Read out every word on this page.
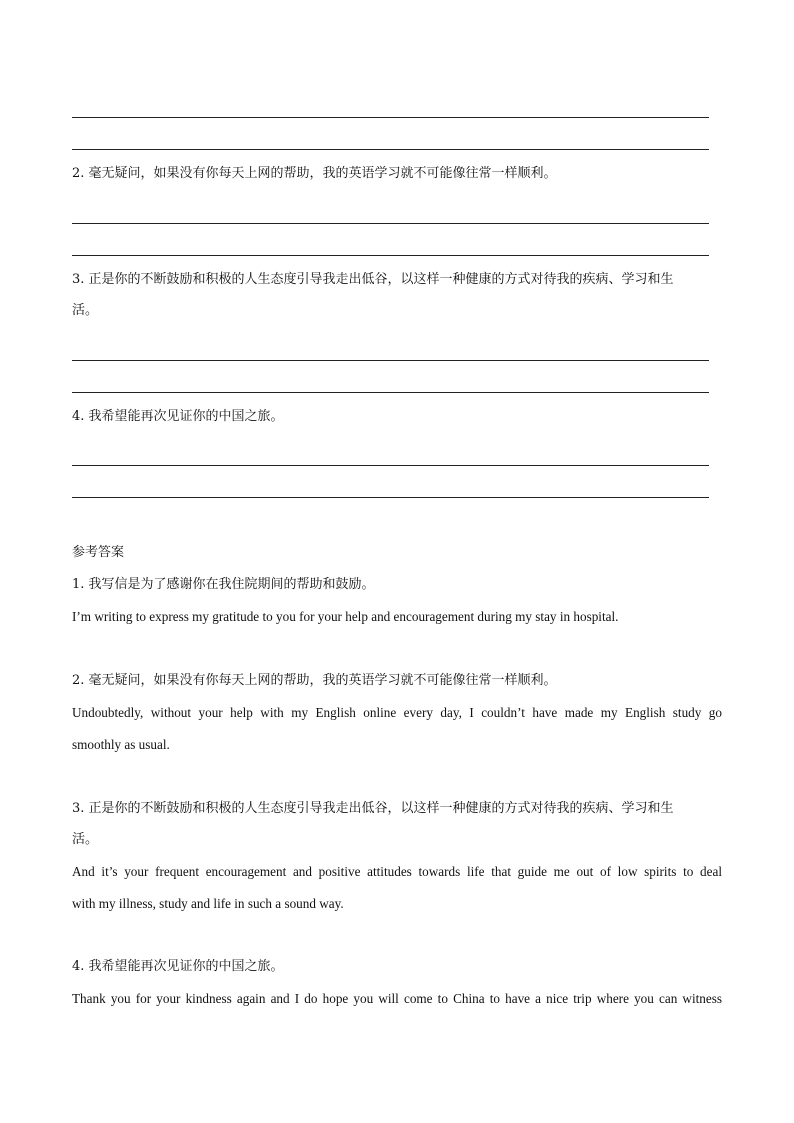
2. 毫无疑问，如果没有你每天上网的帮助，我的英语学习就不可能像往常一样顺利。
3. 正是你的不断鼓励和积极的人生态度引导我走出低谷，以这样一种健康的方式对待我的疾病、学习和生
活。
4. 我希望能再次见证你的中国之旅。
参考答案
1. 我写信是为了感谢你在我住院期间的帮助和鼓励。
I’m writing to express my gratitude to you for your help and encouragement during my stay in hospital.
2. 毫无疑问，如果没有你每天上网的帮助，我的英语学习就不可能像往常一样顺利。
Undoubtedly, without your help with my English online every day, I couldn’t have made my English study go
smoothly as usual.
3. 正是你的不断鼓励和积极的人生态度引导我走出低谷，以这样一种健康的方式对待我的疾病、学习和生
活。
And it’s your frequent encouragement and positive attitudes towards life that guide me out of low spirits to deal
with my illness, study and life in such a sound way.
4. 我希望能再次见证你的中国之旅。
Thank you for your kindness again and I do hope you will come to China to have a nice trip where you can witness
